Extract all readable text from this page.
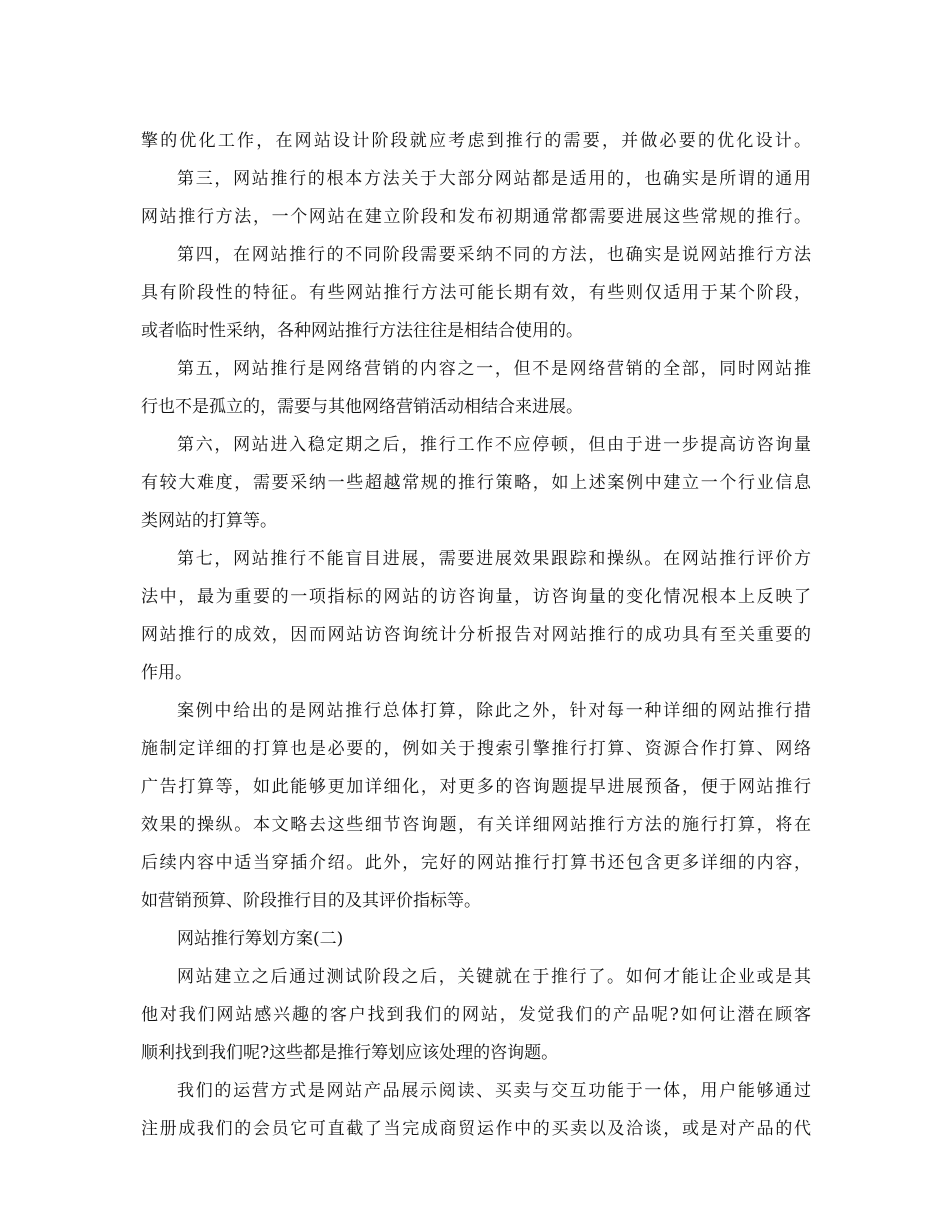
擎的优化工作，在网站设计阶段就应考虑到推行的需要，并做必要的优化设计。
第三，网站推行的根本方法关于大部分网站都是适用的，也确实是所谓的通用
网站推行方法，一个网站在建立阶段和发布初期通常都需要进展这些常规的推行。
第四，在网站推行的不同阶段需要采纳不同的方法，也确实是说网站推行方法
具有阶段性的特征。有些网站推行方法可能长期有效，有些则仅适用于某个阶段，
或者临时性采纳，各种网站推行方法往往是相结合使用的。
第五，网站推行是网络营销的内容之一，但不是网络营销的全部，同时网站推
行也不是孤立的，需要与其他网络营销活动相结合来进展。
第六，网站进入稳定期之后，推行工作不应停顿，但由于进一步提高访咨询量
有较大难度，需要采纳一些超越常规的推行策略，如上述案例中建立一个行业信息
类网站的打算等。
第七，网站推行不能盲目进展，需要进展效果跟踪和操纵。在网站推行评价方
法中，最为重要的一项指标的网站的访咨询量，访咨询量的变化情况根本上反映了
网站推行的成效，因而网站访咨询统计分析报告对网站推行的成功具有至关重要的
作用。
案例中给出的是网站推行总体打算，除此之外，针对每一种详细的网站推行措
施制定详细的打算也是必要的，例如关于搜索引擎推行打算、资源合作打算、网络
广告打算等，如此能够更加详细化，对更多的咨询题提早进展预备，便于网站推行
效果的操纵。本文略去这些细节咨询题，有关详细网站推行方法的施行打算，将在
后续内容中适当穿插介绍。此外，完好的网站推行打算书还包含更多详细的内容，
如营销预算、阶段推行目的及其评价指标等。
网站推行筹划方案(二)
网站建立之后通过测试阶段之后，关键就在于推行了。如何才能让企业或是其
他对我们网站感兴趣的客户找到我们的网站，发觉我们的产品呢?如何让潜在顾客
顺利找到我们呢?这些都是推行筹划应该处理的咨询题。
我们的运营方式是网站产品展示阅读、买卖与交互功能于一体，用户能够通过
注册成我们的会员它可直截了当完成商贸运作中的买卖以及洽谈，或是对产品的代
